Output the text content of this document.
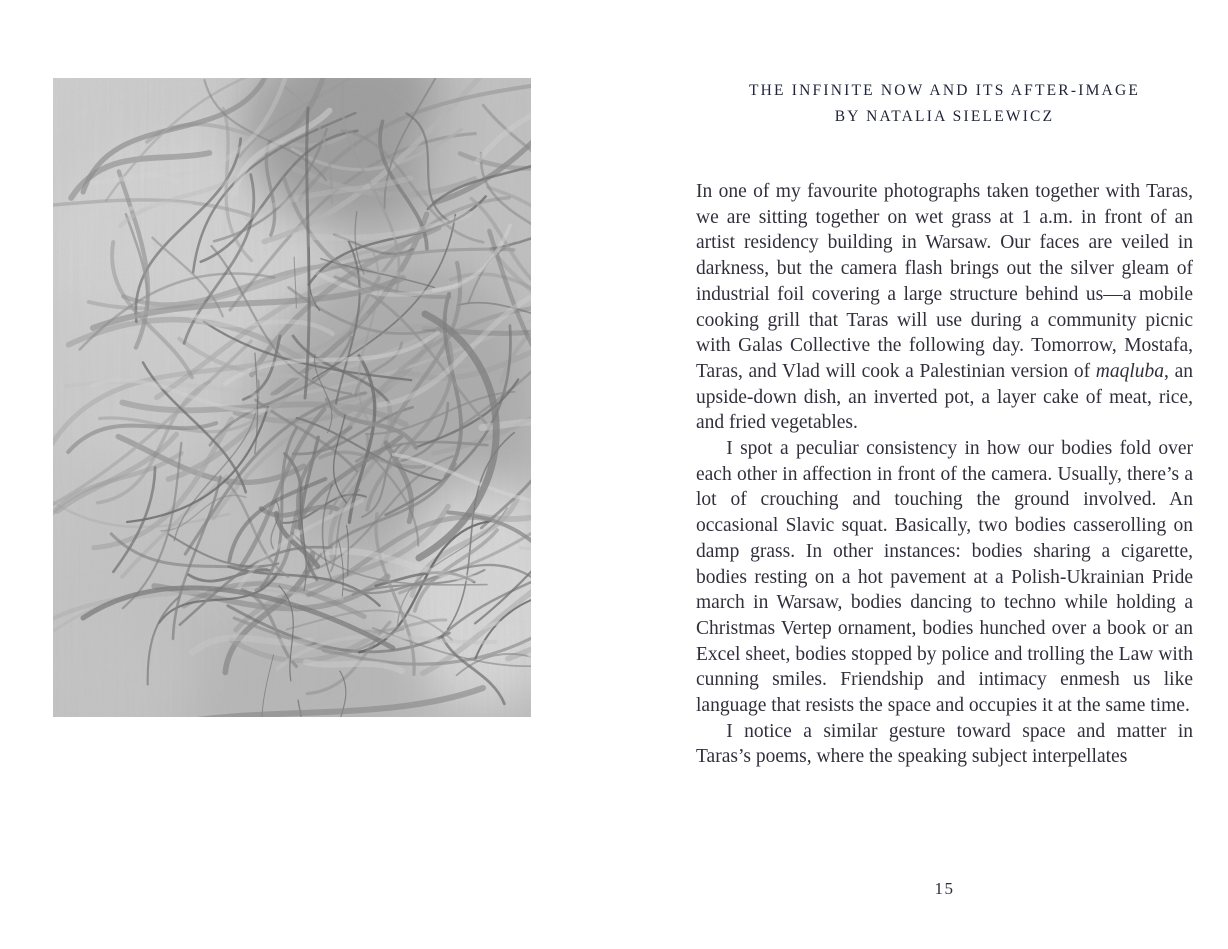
THE INFINITE NOW AND ITS AFTER-IMAGE
BY NATALIA SIELEWICZ

In one of my favourite photographs taken together with Taras, we are sitting together on wet grass at 1 a.m. in front of an artist residency building in Warsaw. Our faces are veiled in darkness, but the camera flash brings out the silver gleam of industrial foil covering a large structure behind us—a mobile cooking grill that Taras will use during a community picnic with Galas Collective the following day. Tomorrow, Mostafa, Taras, and Vlad will cook a Palestinian version of maqluba, an upside-down dish, an inverted pot, a layer cake of meat, rice, and fried vegetables.

I spot a peculiar consistency in how our bodies fold over each other in affection in front of the camera. Usually, there’s a lot of crouching and touching the ground involved. An occasional Slavic squat. Basically, two bodies casserolling on damp grass. In other instances: bodies sharing a cigarette, bodies resting on a hot pavement at a Polish-Ukrainian Pride march in Warsaw, bodies dancing to techno while holding a Christmas Vertep ornament, bodies hunched over a book or an Excel sheet, bodies stopped by police and trolling the Law with cunning smiles. Friendship and intimacy enmesh us like language that resists the space and occupies it at the same time.

I notice a similar gesture toward space and matter in Taras’s poems, where the speaking subject interpellates

15
